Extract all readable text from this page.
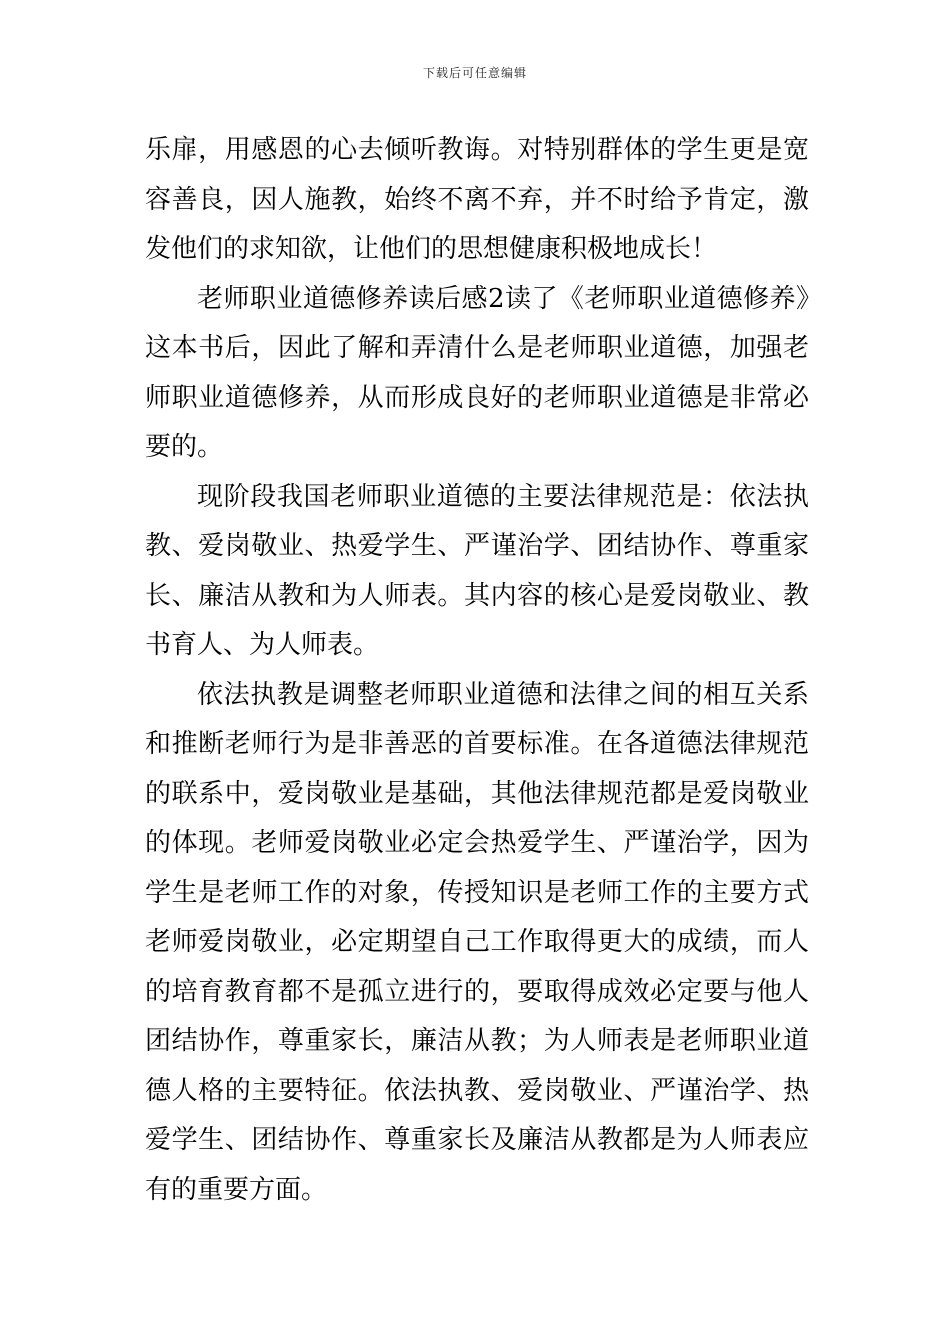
下载后可任意编辑

乐扉，用感恩的心去倾听教诲。对特别群体的学生更是宽容善良，因人施教，始终不离不弃，并不时给予肯定，激发他们的求知欲，让他们的思想健康积极地成长！

老师职业道德修养读后感2读了《老师职业道德修养》这本书后，因此了解和弄清什么是老师职业道德，加强老师职业道德修养，从而形成良好的老师职业道德是非常必要的。

现阶段我国老师职业道德的主要法律规范是：依法执教、爱岗敬业、热爱学生、严谨治学、团结协作、尊重家长、廉洁从教和为人师表。其内容的核心是爱岗敬业、教书育人、为人师表。

依法执教是调整老师职业道德和法律之间的相互关系和推断老师行为是非善恶的首要标准。在各道德法律规范的联系中，爱岗敬业是基础，其他法律规范都是爱岗敬业的体现。老师爱岗敬业必定会热爱学生、严谨治学，因为学生是老师工作的对象，传授知识是老师工作的主要方式老师爱岗敬业，必定期望自己工作取得更大的成绩，而人的培育教育都不是孤立进行的，要取得成效必定要与他人团结协作，尊重家长，廉洁从教；为人师表是老师职业道德人格的主要特征。依法执教、爱岗敬业、严谨治学、热爱学生、团结协作、尊重家长及廉洁从教都是为人师表应有的重要方面。
